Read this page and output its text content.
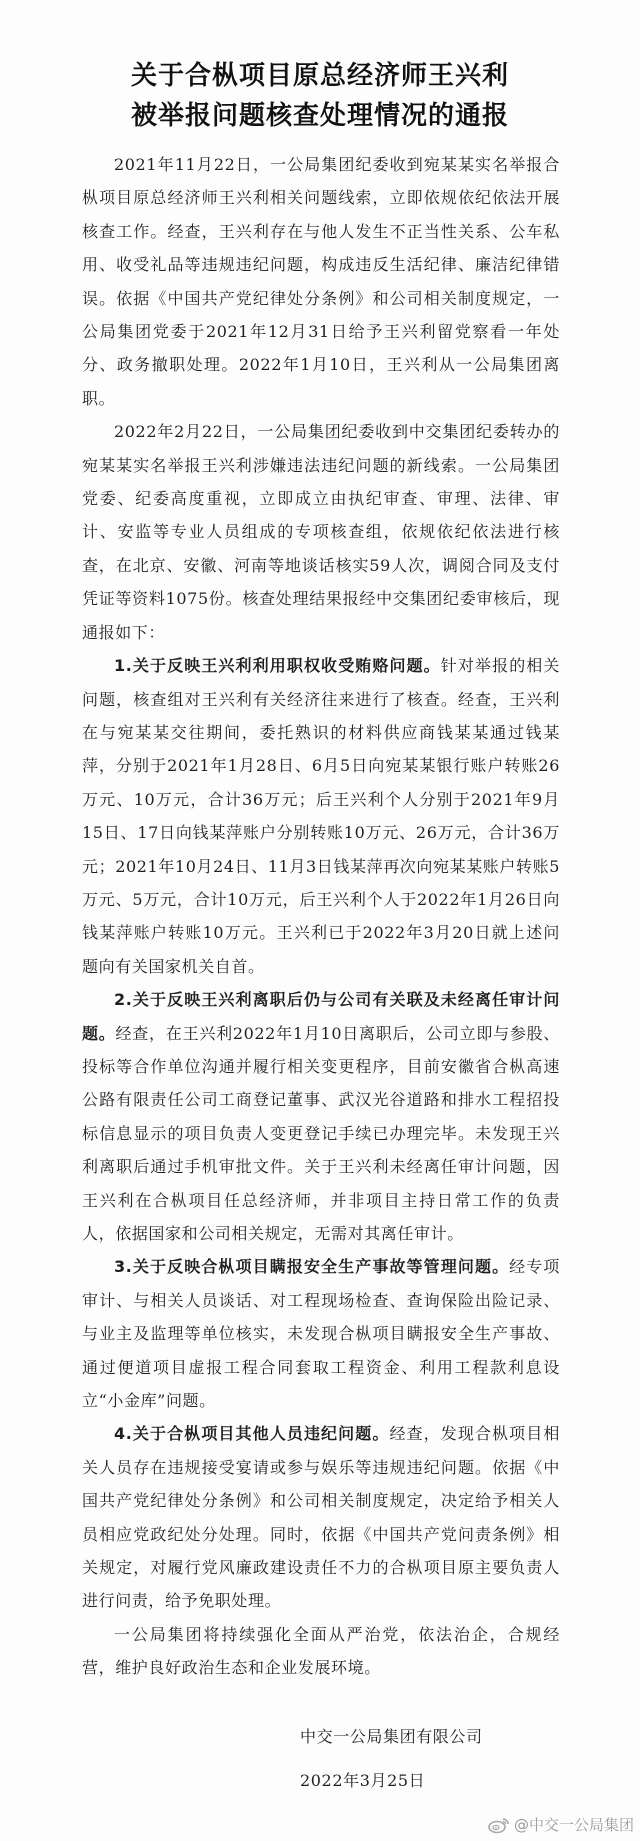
关于合枞项目原总经济师王兴利
被举报问题核查处理情况的通报

2021年11月22日，一公局集团纪委收到宛某某实名举报合枞项目原总经济师王兴利相关问题线索，立即依规依纪依法开展核查工作。经查，王兴利存在与他人发生不正当性关系、公车私用、收受礼品等违规违纪问题，构成违反生活纪律、廉洁纪律错误。依据《中国共产党纪律处分条例》和公司相关制度规定，一公局集团党委于2021年12月31日给予王兴利留党察看一年处分、政务撤职处理。2022年1月10日，王兴利从一公局集团离职。

2022年2月22日，一公局集团纪委收到中交集团纪委转办的宛某某实名举报王兴利涉嫌违法违纪问题的新线索。一公局集团党委、纪委高度重视，立即成立由执纪审查、审理、法律、审计、安监等专业人员组成的专项核查组，依规依纪依法进行核查，在北京、安徽、河南等地谈话核实59人次，调阅合同及支付凭证等资料1075份。核查处理结果报经中交集团纪委审核后，现通报如下：

1.关于反映王兴利利用职权收受贿赂问题。针对举报的相关问题，核查组对王兴利有关经济往来进行了核查。经查，王兴利在与宛某某交往期间，委托熟识的材料供应商钱某某通过钱某萍，分别于2021年1月28日、6月5日向宛某某银行账户转账26万元、10万元，合计36万元；后王兴利个人分别于2021年9月15日、17日向钱某萍账户分别转账10万元、26万元，合计36万元；2021年10月24日、11月3日钱某萍再次向宛某某账户转账5万元、5万元，合计10万元，后王兴利个人于2022年1月26日向钱某萍账户转账10万元。王兴利已于2022年3月20日就上述问题向有关国家机关自首。

2.关于反映王兴利离职后仍与公司有关联及未经离任审计问题。经查，在王兴利2022年1月10日离职后，公司立即与参股、投标等合作单位沟通并履行相关变更程序，目前安徽省合枞高速公路有限责任公司工商登记董事、武汉光谷道路和排水工程招投标信息显示的项目负责人变更登记手续已办理完毕。未发现王兴利离职后通过手机审批文件。关于王兴利未经离任审计问题，因王兴利在合枞项目任总经济师，并非项目主持日常工作的负责人，依据国家和公司相关规定，无需对其离任审计。

3.关于反映合枞项目瞒报安全生产事故等管理问题。经专项审计、与相关人员谈话、对工程现场检查、查询保险出险记录、与业主及监理等单位核实，未发现合枞项目瞒报安全生产事故、通过便道项目虚报工程合同套取工程资金、利用工程款利息设立“小金库”问题。

4.关于合枞项目其他人员违纪问题。经查，发现合枞项目相关人员存在违规接受宴请或参与娱乐等违规违纪问题。依据《中国共产党纪律处分条例》和公司相关制度规定，决定给予相关人员相应党政纪处分处理。同时，依据《中国共产党问责条例》相关规定，对履行党风廉政建设责任不力的合枞项目原主要负责人进行问责，给予免职处理。

一公局集团将持续强化全面从严治党，依法治企，合规经营，维护良好政治生态和企业发展环境。

中交一公局集团有限公司
2022年3月25日
@中交一公局集团
